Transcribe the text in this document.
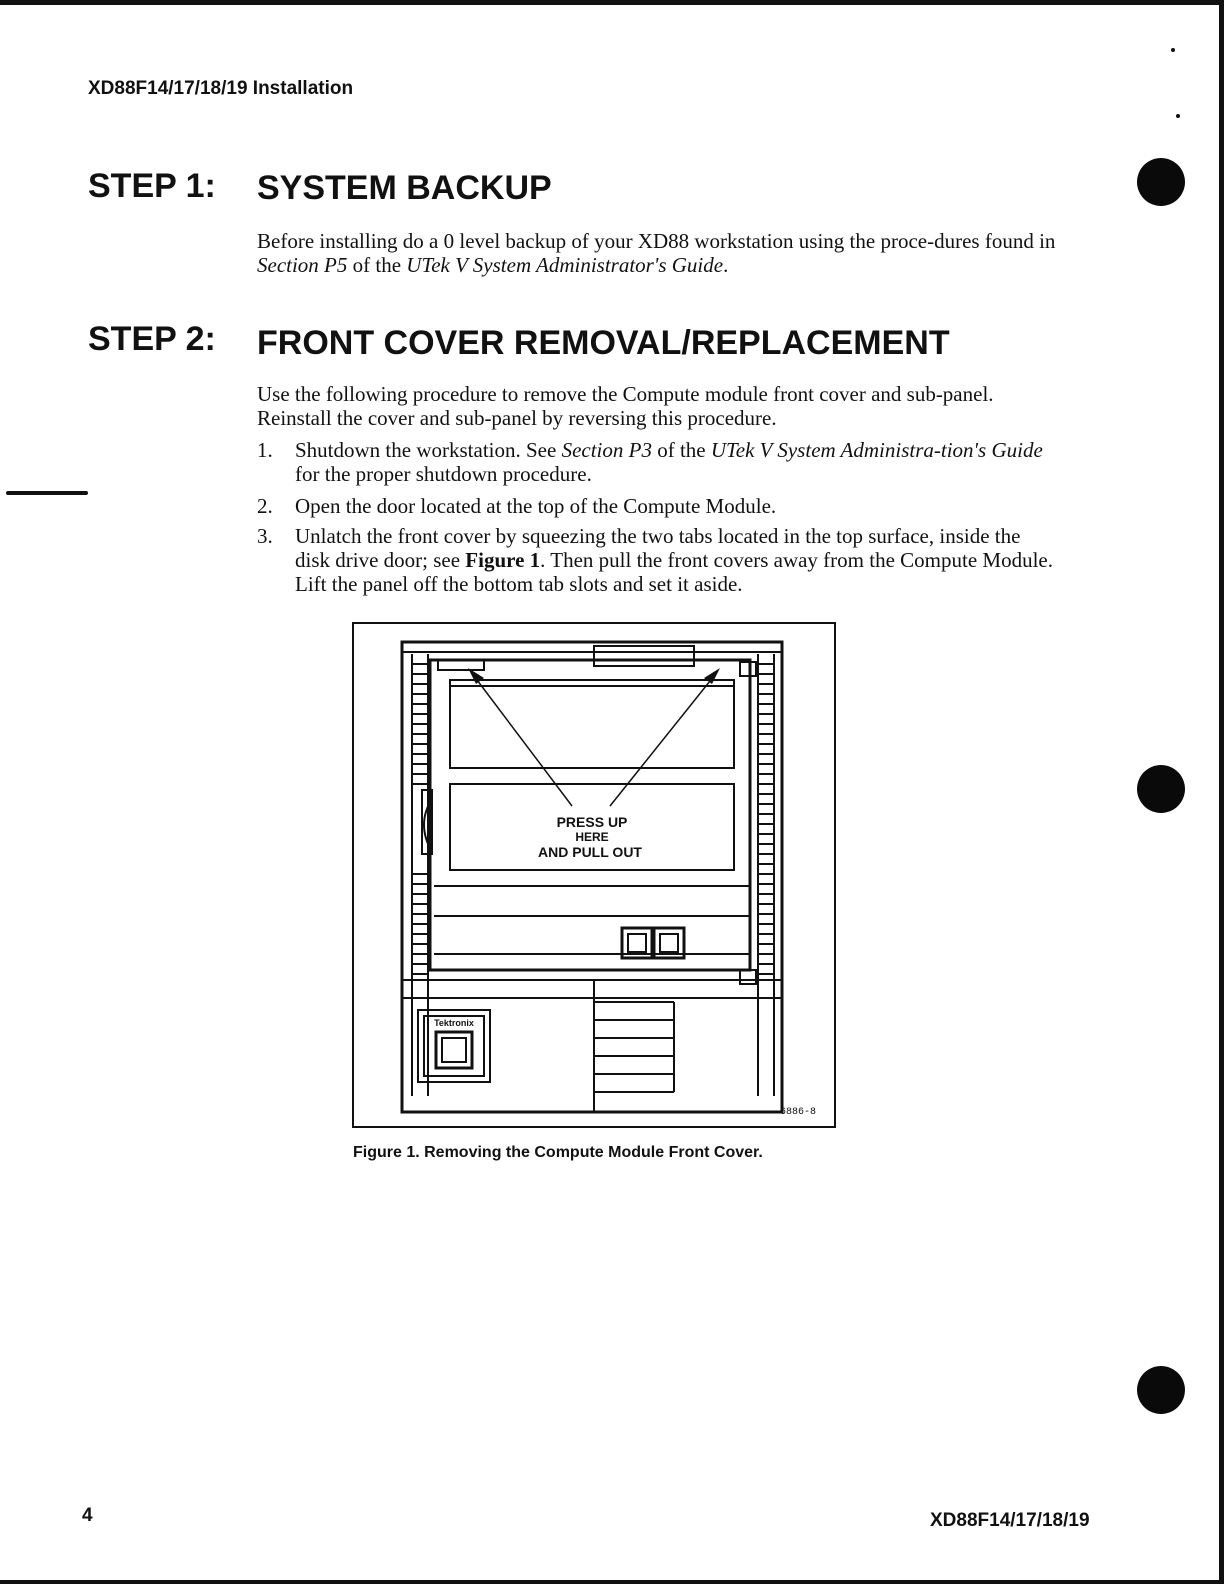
XD88F14/17/18/19 Installation
STEP 1: SYSTEM BACKUP
Before installing do a 0 level backup of your XD88 workstation using the proce-dures found in Section P5 of the UTek V System Administrator's Guide.
STEP 2: FRONT COVER REMOVAL/REPLACEMENT
Use the following procedure to remove the Compute module front cover and sub-panel. Reinstall the cover and sub-panel by reversing this procedure.
1. Shutdown the workstation. See Section P3 of the UTek V System Administra-tion's Guide for the proper shutdown procedure.
2. Open the door located at the top of the Compute Module.
3. Unlatch the front cover by squeezing the two tabs located in the top surface, inside the disk drive door; see Figure 1. Then pull the front covers away from the Compute Module. Lift the panel off the bottom tab slots and set it aside.
PRESS UP
HERE
AND PULL OUT
Tektronix
6886-8
Figure 1. Removing the Compute Module Front Cover.
4	XD88F14/17/18/19
